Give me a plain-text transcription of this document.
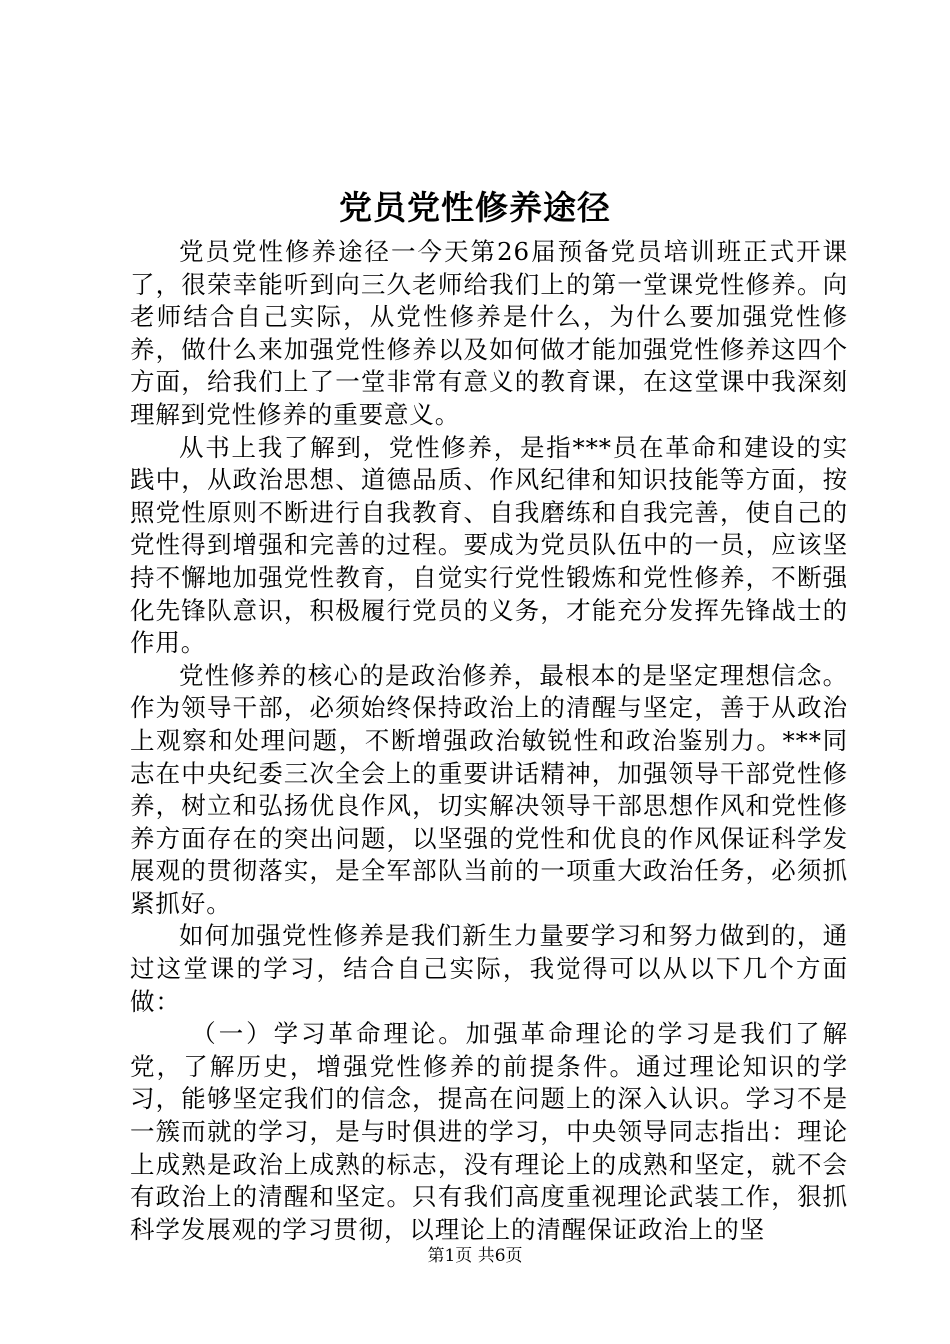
党员党性修养途径

党员党性修养途径一今天第26届预备党员培训班正式开课了，很荣幸能听到向三久老师给我们上的第一堂课党性修养。向老师结合自己实际，从党性修养是什么，为什么要加强党性修养，做什么来加强党性修养以及如何做才能加强党性修养这四个方面，给我们上了一堂非常有意义的教育课，在这堂课中我深刻理解到党性修养的重要意义。

从书上我了解到，党性修养，是指***员在革命和建设的实践中，从政治思想、道德品质、作风纪律和知识技能等方面，按照党性原则不断进行自我教育、自我磨练和自我完善，使自己的党性得到增强和完善的过程。要成为党员队伍中的一员，应该坚持不懈地加强党性教育，自觉实行党性锻炼和党性修养，不断强化先锋队意识，积极履行党员的义务，才能充分发挥先锋战士的作用。

党性修养的核心的是政治修养，最根本的是坚定理想信念。作为领导干部，必须始终保持政治上的清醒与坚定，善于从政治上观察和处理问题，不断增强政治敏锐性和政治鉴别力。***同志在中央纪委三次全会上的重要讲话精神，加强领导干部党性修养，树立和弘扬优良作风，切实解决领导干部思想作风和党性修养方面存在的突出问题，以坚强的党性和优良的作风保证科学发展观的贯彻落实，是全军部队当前的一项重大政治任务，必须抓紧抓好。

如何加强党性修养是我们新生力量要学习和努力做到的，通过这堂课的学习，结合自己实际，我觉得可以从以下几个方面做：

（一）学习革命理论。加强革命理论的学习是我们了解党，了解历史，增强党性修养的前提条件。通过理论知识的学习，能够坚定我们的信念，提高在问题上的深入认识。学习不是一簇而就的学习，是与时俱进的学习，中央领导同志指出：理论上成熟是政治上成熟的标志，没有理论上的成熟和坚定，就不会有政治上的清醒和坚定。只有我们高度重视理论武装工作，狠抓科学发展观的学习贯彻，以理论上的清醒保证政治上的坚

第1页 共6页
